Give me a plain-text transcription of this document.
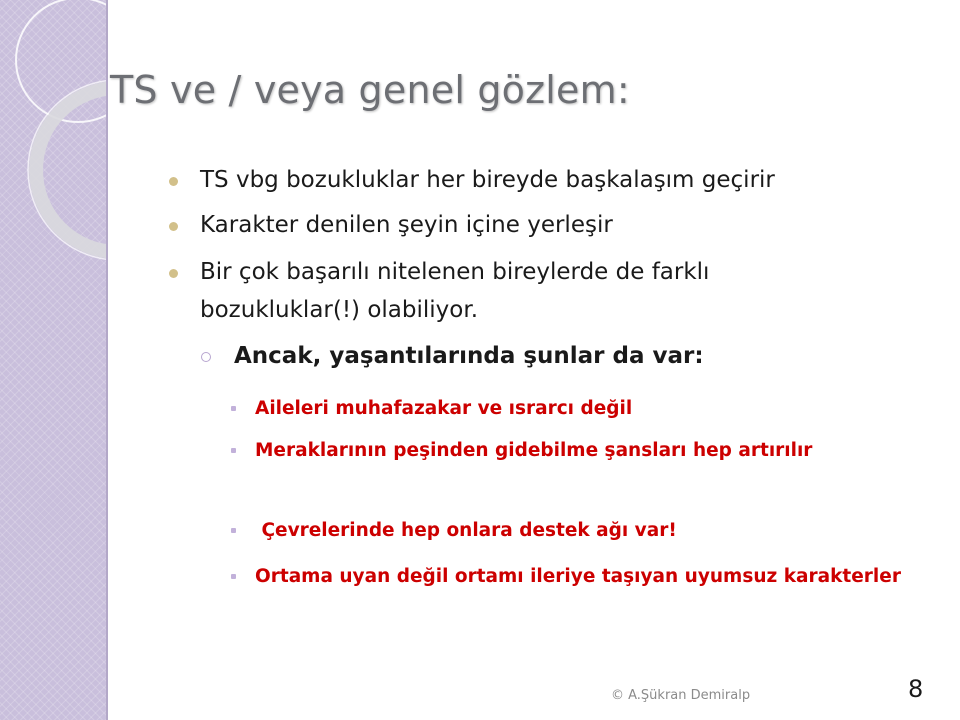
TS ve / veya genel gözlem:
TS vbg bozukluklar her bireyde başkalaşım geçirir
Karakter denilen şeyin içine yerleşir
Bir çok başarılı nitelenen bireylerde de farklı bozukluklar(!) olabiliyor.
Ancak, yaşantılarında şunlar da var:
Aileleri muhafazakar ve ısrarcı değil
Meraklarının peşinden gidebilme şansları hep artırılır
Çevrelerinde hep onlara destek ağı var!
Ortama uyan değil ortamı ileriye taşıyan uyumsuz karakterler
© A.Şükran Demiralp	8
